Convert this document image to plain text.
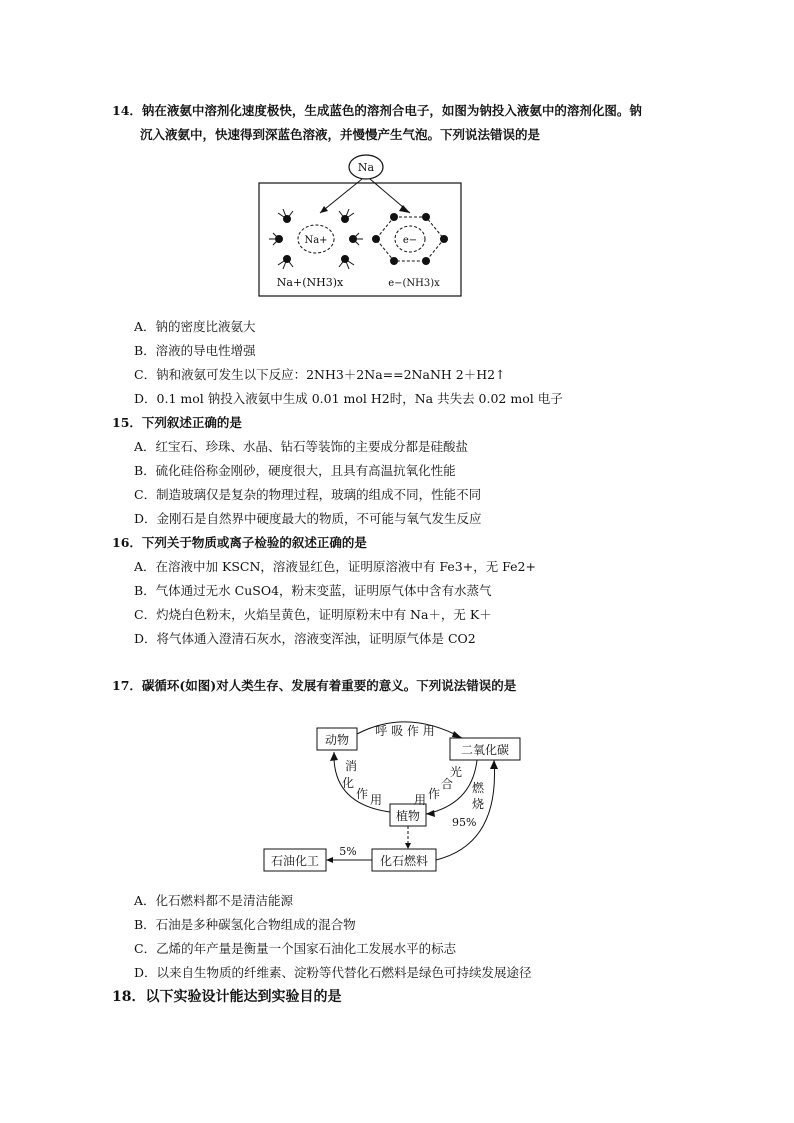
14．钠在液氨中溶剂化速度极快，生成蓝色的溶剂合电子，如图为钠投入液氨中的溶剂化图。钠
沉入液氨中，快速得到深蓝色溶液，并慢慢产生气泡。下列说法错误的是
Na
Na+	e−
Na+(NH3)x	e−(NH3)x
A．钠的密度比液氨大
B．溶液的导电性增强
C．钠和液氨可发生以下反应：2NH3＋2Na==2NaNH 2＋H2↑
D．0.1 mol 钠投入液氨中生成 0.01 mol H2时，Na 共失去 0.02 mol 电子
15．下列叙述正确的是
A．红宝石、珍珠、水晶、钻石等装饰的主要成分都是硅酸盐
B．硫化硅俗称金刚砂，硬度很大，且具有高温抗氧化性能
C．制造玻璃仅是复杂的物理过程，玻璃的组成不同，性能不同
D．金刚石是自然界中硬度最大的物质，不可能与氧气发生反应
16．下列关于物质或离子检验的叙述正确的是
A．在溶液中加 KSCN，溶液显红色，证明原溶液中有 Fe3+，无 Fe2+
B．气体通过无水 CuSO4，粉末变蓝，证明原气体中含有水蒸气
C．灼烧白色粉末，火焰呈黄色，证明原粉末中有 Na＋，无 K＋
D．将气体通入澄清石灰水，溶液变浑浊，证明原气体是 CO2
17．碳循环(如图)对人类生存、发展有着重要的意义。下列说法错误的是
动物
二氧化碳
植物
化石燃料
石油化工
呼 吸 作 用
消
化
作 用
光
合
作
用
燃
烧
95%
5%
A．化石燃料都不是清洁能源
B．石油是多种碳氢化合物组成的混合物
C．乙烯的年产量是衡量一个国家石油化工发展水平的标志
D．以来自生物质的纤维素、淀粉等代替化石燃料是绿色可持续发展途径
18．以下实验设计能达到实验目的是
